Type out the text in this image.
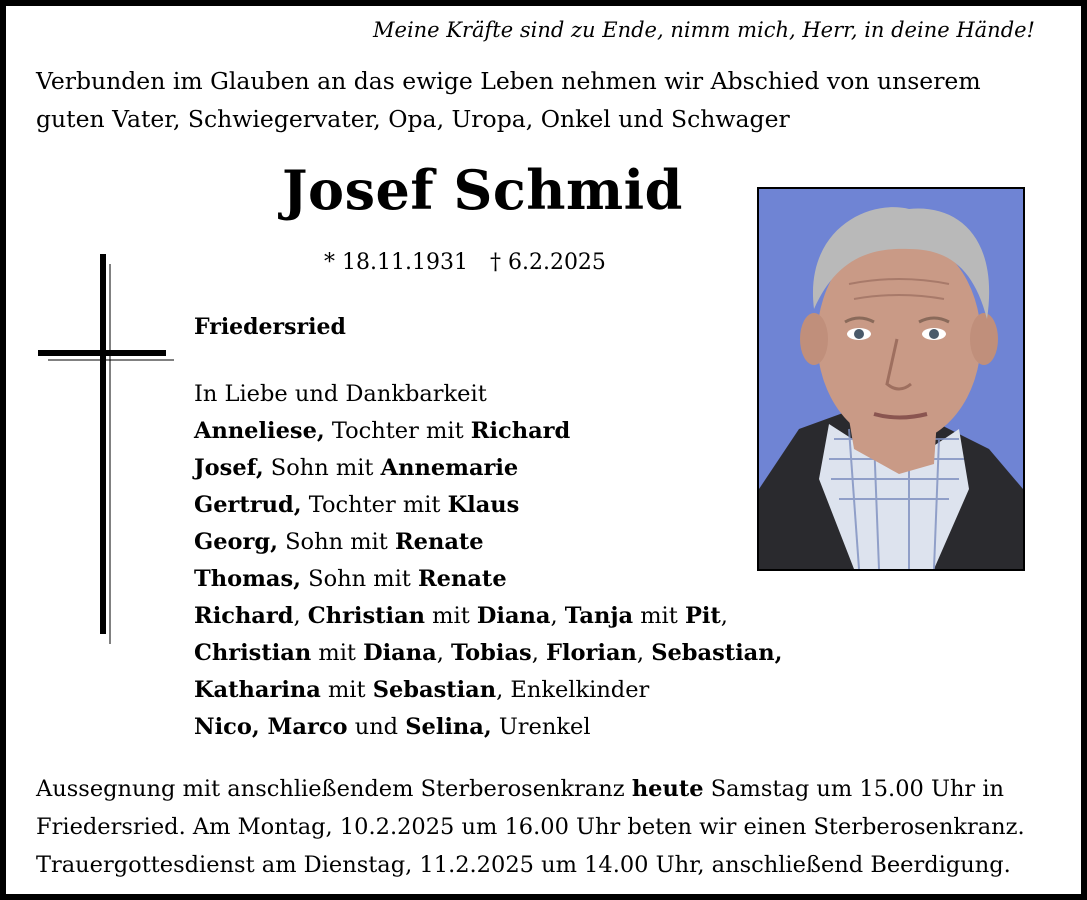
Meine Kräfte sind zu Ende, nimm mich, Herr, in deine Hände!
Verbunden im Glauben an das ewige Leben nehmen wir Abschied von unserem
guten Vater, Schwiegervater, Opa, Uropa, Onkel und Schwager
Josef Schmid
* 18.11.1931 † 6.2.2025
Friedersried
In Liebe und Dankbarkeit
Anneliese, Tochter mit Richard
Josef, Sohn mit Annemarie
Gertrud, Tochter mit Klaus
Georg, Sohn mit Renate
Thomas, Sohn mit Renate
Richard, Christian mit Diana, Tanja mit Pit,
Christian mit Diana, Tobias, Florian, Sebastian,
Katharina mit Sebastian, Enkelkinder
Nico, Marco und Selina, Urenkel
Aussegnung mit anschließendem Sterberosenkranz heute Samstag um 15.00 Uhr in
Friedersried. Am Montag, 10.2.2025 um 16.00 Uhr beten wir einen Sterberosenkranz.
Trauergottesdienst am Dienstag, 11.2.2025 um 14.00 Uhr, anschließend Beerdigung.
